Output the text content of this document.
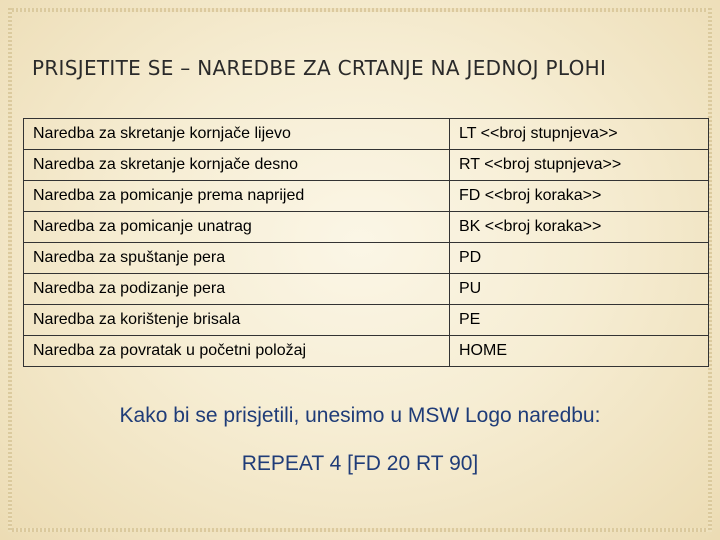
PRISJETITE SE – NAREDBE ZA CRTANJE NA JEDNOJ PLOHI
Naredba za skretanje kornjače lijevo	LT <<broj stupnjeva>>
Naredba za skretanje kornjače desno	RT <<broj stupnjeva>>
Naredba za pomicanje prema naprijed	FD <<broj koraka>>
Naredba za pomicanje unatrag	BK <<broj koraka>>
Naredba za spuštanje pera	PD
Naredba za podizanje pera	PU
Naredba za korištenje brisala	PE
Naredba za povratak u početni položaj	HOME
Kako bi se prisjetili, unesimo u MSW Logo naredbu:
REPEAT 4 [FD 20 RT 90]
